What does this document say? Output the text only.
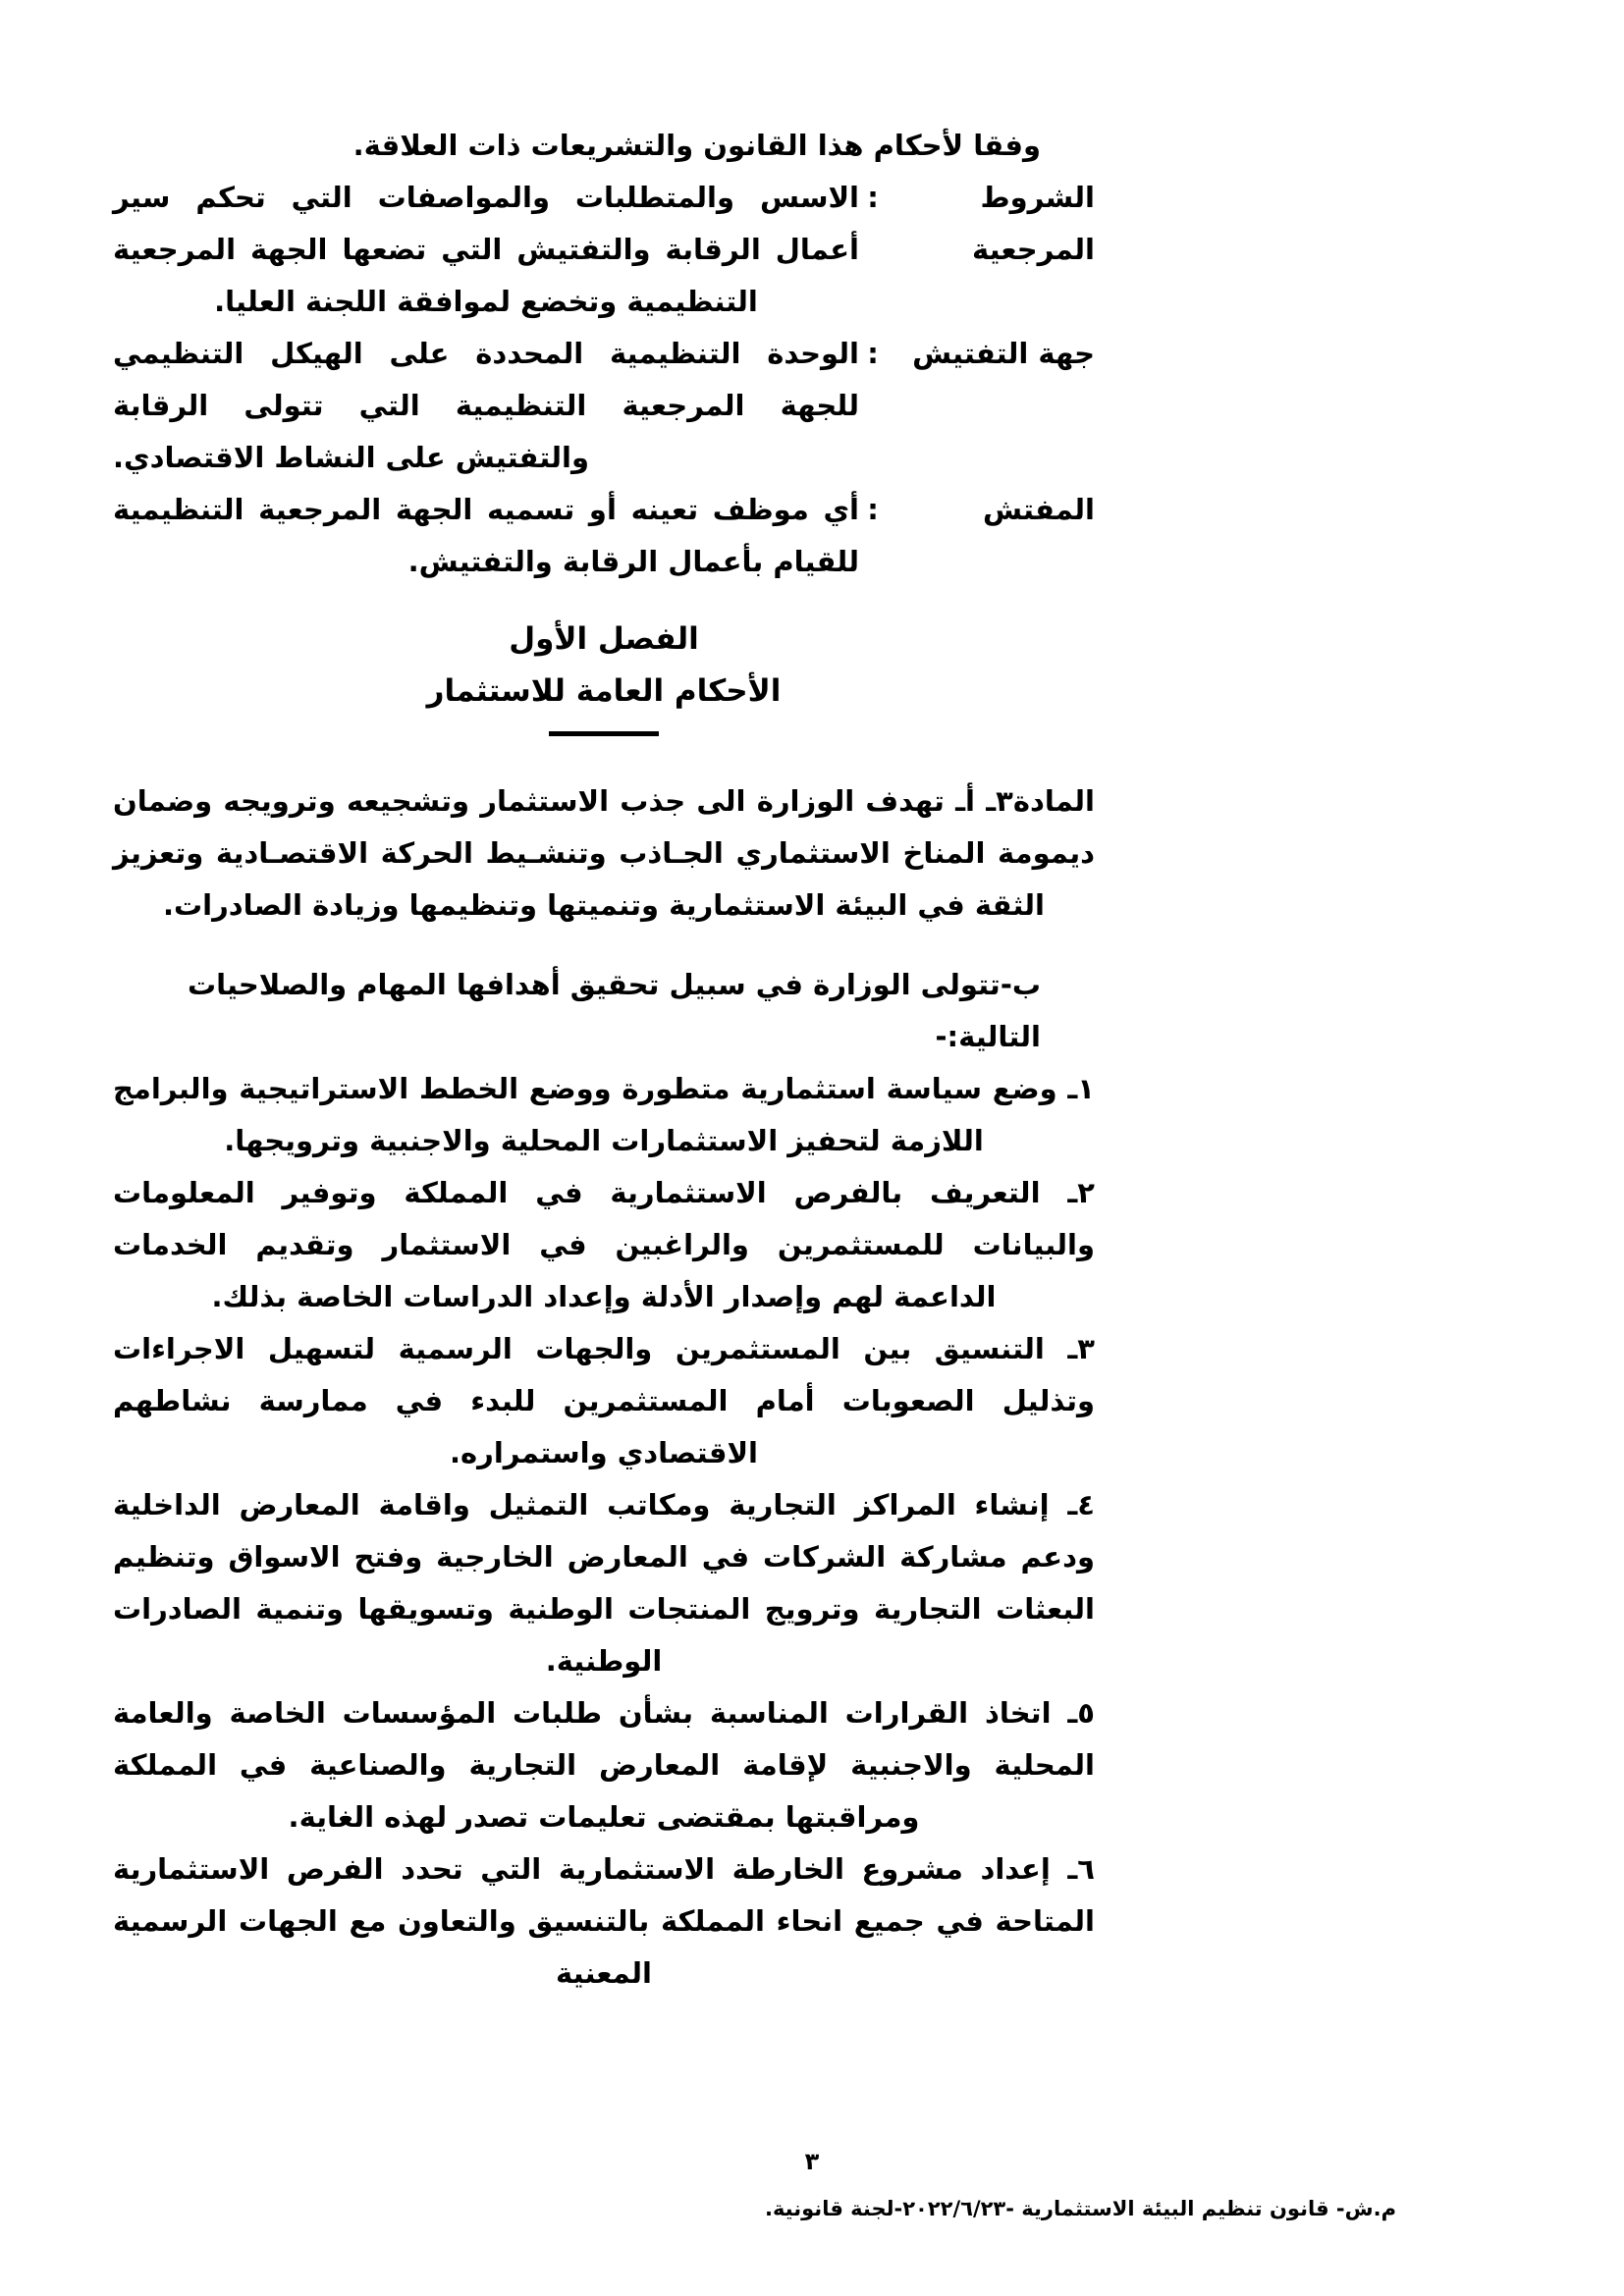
وفقا لأحكام هذا القانون والتشريعات ذات العلاقة.

الشروط المرجعية
:
الاسس والمتطلبات والمواصفات التي تحكم سير أعمال الرقابة والتفتيش التي تضعها الجهة المرجعية التنظيمية وتخضع لموافقة اللجنة العليا.
جهة التفتيش
:
الوحدة التنظيمية المحددة على الهيكل التنظيمي للجهة المرجعية التنظيمية التي تتولى الرقابة والتفتيش على النشاط الاقتصادي.
المفتش
:
أي موظف تعينه أو تسميه الجهة المرجعية التنظيمية للقيام بأعمال الرقابة والتفتيش.
الفصل الأول
الأحكام العامة للاستثمار

المادة٣ـ أـ تهدف الوزارة الى جذب الاستثمار وتشجيعه وترويجه وضمان ديمومة المناخ الاستثماري الجـاذب وتنشـيط الحركة الاقتصـادية وتعزيز الثقة في البيئة الاستثمارية وتنميتها وتنظيمها وزيادة الصادرات.

ب-تتولى الوزارة في سبيل تحقيق أهدافها المهام والصلاحيات التالية:-

١ـ وضع سياسة استثمارية متطورة ووضع الخطط الاستراتيجية والبرامج اللازمة لتحفيز الاستثمارات المحلية والاجنبية وترويجها.

٢ـ التعريف بالفرص الاستثمارية في المملكة وتوفير المعلومات والبيانات للمستثمرين والراغبين في الاستثمار وتقديم الخدمات الداعمة لهم وإصدار الأدلة وإعداد الدراسات الخاصة بذلك.

٣ـ التنسيق بين المستثمرين والجهات الرسمية لتسهيل الاجراءات وتذليل الصعوبات أمام المستثمرين للبدء في ممارسة نشاطهم الاقتصادي واستمراره.

٤ـ إنشاء المراكز التجارية ومكاتب التمثيل واقامة المعارض الداخلية ودعم مشاركة الشركات في المعارض الخارجية وفتح الاسواق وتنظيم البعثات التجارية وترويج المنتجات الوطنية وتسويقها وتنمية الصادرات الوطنية.

٥ـ اتخاذ القرارات المناسبة بشأن طلبات المؤسسات الخاصة والعامة المحلية والاجنبية لإقامة المعارض التجارية والصناعية في المملكة ومراقبتها بمقتضى تعليمات تصدر لهذه الغاية.

٦ـ إعداد مشروع الخارطة الاستثمارية التي تحدد الفرص الاستثمارية المتاحة في جميع انحاء المملكة بالتنسيق والتعاون مع الجهات الرسمية المعنية

٣
م.ش- قانون تنظيم البيئة الاستثمارية -٢٠٢٢/٦/٢٣-لجنة قانونية.
